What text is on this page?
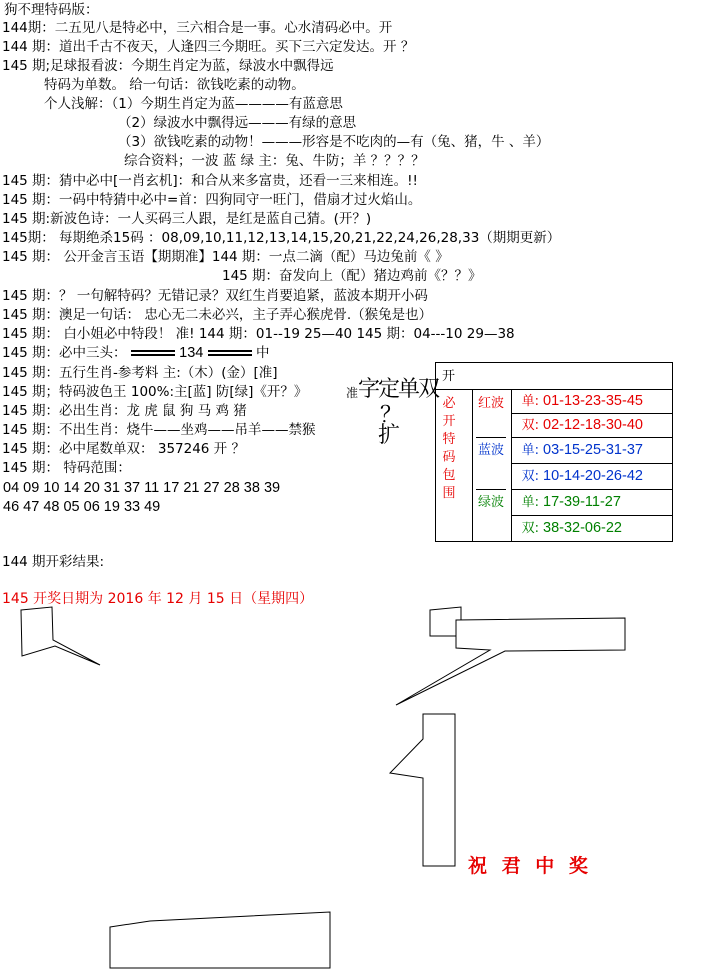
狗不理特码版：
144期：二五见八是特必中，三六相合是一事。心水清码必中。开
144 期：道出千古不夜天，人逢四三今期旺。买下三六定发达。开 ？
145 期;足球报看波：今期生肖定为蓝，绿波水中飘得远
特码为单数。 给一句话：欲钱吃素的动物。
个人浅解：（1）今期生肖定为蓝————有蓝意思
（2）绿波水中飘得远———有绿的意思
（3）欲钱吃素的动物！———形容是不吃肉的—有（兔、猪，牛 、羊）
综合资料；一波 蓝 绿 主：兔、牛防；羊 ？？？？
145 期：猜中必中[一肖玄机]：和合从来多富贵，还看一三来相连。!!
145 期：一码中特猜中必中=首：四狗同守一旺门，借扇才过火焰山。
145 期:新波色诗：一人买码三人跟，是红是蓝自己猜。(开？)
145期： 每期绝杀15码 ：08,09,10,11,12,13,14,15,20,21,22,24,26,28,33（期期更新）
145 期： 公开金言玉语【期期准】144 期：一点二滴（配）马边兔前《 》
145 期：奋发向上（配）猪边鸡前《？？》
145 期：？ 一句解特码？无错记录？双红生肖要追紧，蓝波本期开小码
145 期：澳足一句话： 忠心无二未必兴，主子弄心猴虎骨.（猴兔是也）
145 期： 白小姐必中特段！ 准! 144 期：01--19 25—40 145 期：04---10 29—38
145 期：必中三头：	134	中
145 期：五行生肖-参考料 主:（木）(金）[准]
145 期；特码波色王 100%:主[蓝] 防[绿]《开？》
145 期：必出生肖：龙 虎 鼠 狗 马 鸡 猪
145 期：不出生肖：烧牛——坐鸡——吊羊——禁猴
145 期：必中尾数单双： 357246 开 ？
145 期： 特码范围：
04 09 10 14 20 31 37 11 17 21 27 28 38 39
46 47 48 05 06 19 33 49
准 字定单双
？
扩
开
必开特码包围
红波
蓝波
绿波
单: 01-13-23-35-45
双: 02-12-18-30-40
单: 03-15-25-31-37
双: 10-14-20-26-42
单: 17-39-11-27
双: 38-32-06-22
144 期开彩结果:
145 开奖日期为 2016 年 12 月 15 日（星期四）
祝 君 中 奖
